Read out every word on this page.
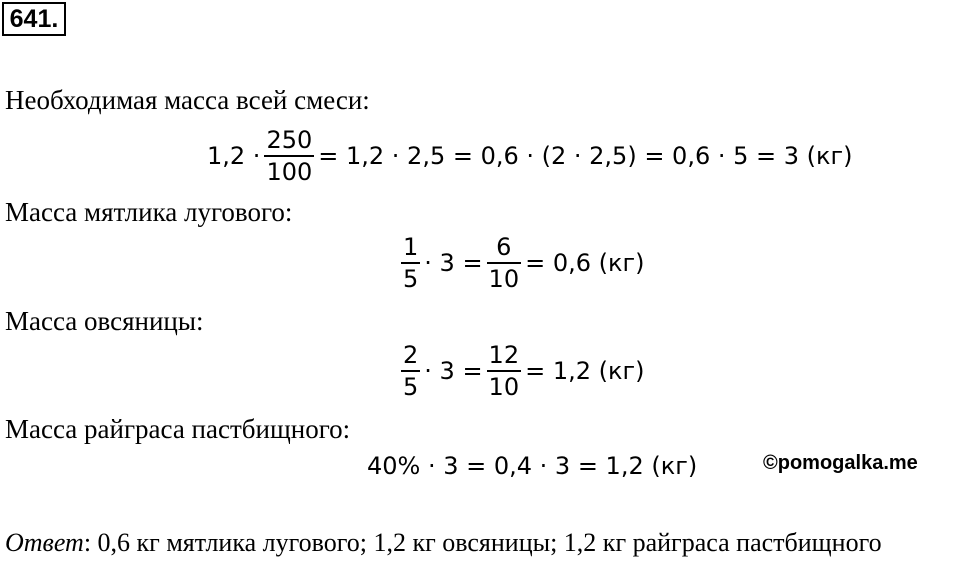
641.
Необходимая масса всей смеси:
$1,2 \cdot \frac{250}{100} = 1,2 \cdot 2,5 = 0,6 \cdot (2 \cdot 2,5) = 0,6 \cdot 5 = 3$ (кг)
Масса мятлика лугового:
$\frac{1}{5} \cdot 3 = \frac{6}{10} = 0,6$ (кг)
Масса овсяницы:
$\frac{2}{5} \cdot 3 = \frac{12}{10} = 1,2$ (кг)
Масса райграса пастбищного:
40% · 3 = 0,4 · 3 = 1,2 (кг)	©pomogalka.me
Ответ: 0,6 кг мятлика лугового; 1,2 кг овсяницы; 1,2 кг райграса пастбищного
